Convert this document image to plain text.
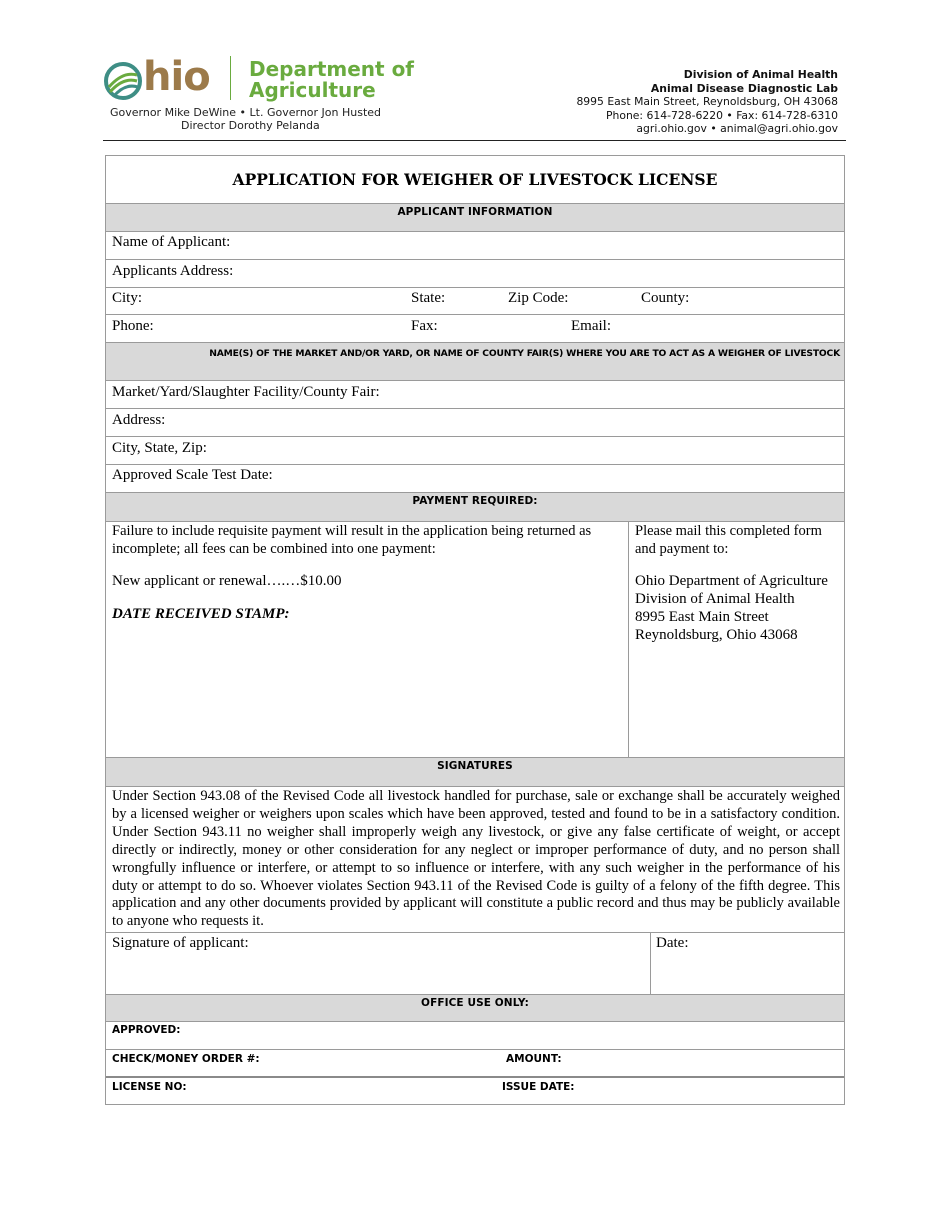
hio Department of
Agriculture
Governor Mike DeWine • Lt. Governor Jon Husted
Director Dorothy Pelanda
Division of Animal Health
Animal Disease Diagnostic Lab
8995 East Main Street, Reynoldsburg, OH 43068
Phone: 614-728-6220 • Fax: 614-728-6310
agri.ohio.gov • animal@agri.ohio.gov
APPLICATION FOR WEIGHER OF LIVESTOCK LICENSE
APPLICANT INFORMATION
Name of Applicant:
Applicants Address:
City:	State:	Zip Code:	County:
Phone:	Fax:	Email:
NAME(S) OF THE MARKET AND/OR YARD, OR NAME OF COUNTY FAIR(S) WHERE YOU ARE TO ACT AS A WEIGHER OF LIVESTOCK
Market/Yard/Slaughter Facility/County Fair:
Address:
City, State, Zip:
Approved Scale Test Date:
PAYMENT REQUIRED:
Failure to include requisite payment will result in the application being returned as incomplete; all fees can be combined into one payment:
New applicant or renewal….…$10.00
DATE RECEIVED STAMP:
Please mail this completed form and payment to:
Ohio Department of Agriculture
Division of Animal Health
8995 East Main Street
Reynoldsburg, Ohio 43068
SIGNATURES
Under Section 943.08 of the Revised Code all livestock handled for purchase, sale or exchange shall be accurately weighed by a licensed weigher or weighers upon scales which have been approved, tested and found to be in a satisfactory condition. Under Section 943.11 no weigher shall improperly weigh any livestock, or give any false certificate of weight, or accept directly or indirectly, money or other consideration for any neglect or improper performance of duty, and no person shall wrongfully influence or interfere, or attempt to so influence or interfere, with any such weigher in the performance of his duty or attempt to do so. Whoever violates Section 943.11 of the Revised Code is guilty of a felony of the fifth degree. This application and any other documents provided by applicant will constitute a public record and thus may be publicly available to anyone who requests it.
Signature of applicant:	Date:
OFFICE USE ONLY:
APPROVED:
CHECK/MONEY ORDER #:	AMOUNT:
LICENSE NO:	ISSUE DATE:
